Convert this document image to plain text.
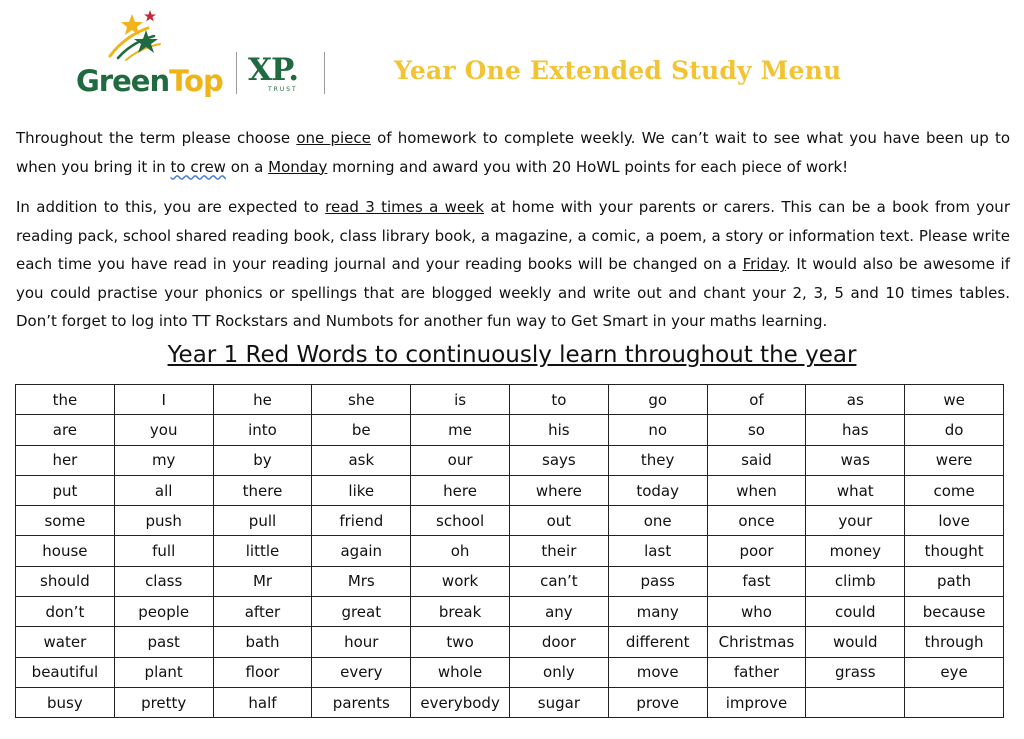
GreenTop XP.
TRUST
Year One Extended Study Menu

Throughout the term please choose one piece of homework to complete weekly. We can’t wait to see what you have been up to when you bring it in to crew on a Monday morning and award you with 20 HoWL points for each piece of work!

In addition to this, you are expected to read 3 times a week at home with your parents or carers. This can be a book from your reading pack, school shared reading book, class library book, a magazine, a comic, a poem, a story or information text. Please write each time you have read in your reading journal and your reading books will be changed on a Friday. It would also be awesome if you could practise your phonics or spellings that are blogged weekly and write out and chant your 2, 3, 5 and 10 times tables. Don’t forget to log into TT Rockstars and Numbots for another fun way to Get Smart in your maths learning.

Year 1 Red Words to continuously learn throughout the year
the	I	he	she	is	to	go	of	as	we
are	you	into	be	me	his	no	so	has	do
her	my	by	ask	our	says	they	said	was	were
put	all	there	like	here	where	today	when	what	come
some	push	pull	friend	school	out	one	once	your	love
house	full	little	again	oh	their	last	poor	money	thought
should	class	Mr	Mrs	work	can’t	pass	fast	climb	path
don’t	people	after	great	break	any	many	who	could	because
water	past	bath	hour	two	door	different	Christmas	would	through
beautiful	plant	floor	every	whole	only	move	father	grass	eye
busy	pretty	half	parents	everybody	sugar	prove	improve		
